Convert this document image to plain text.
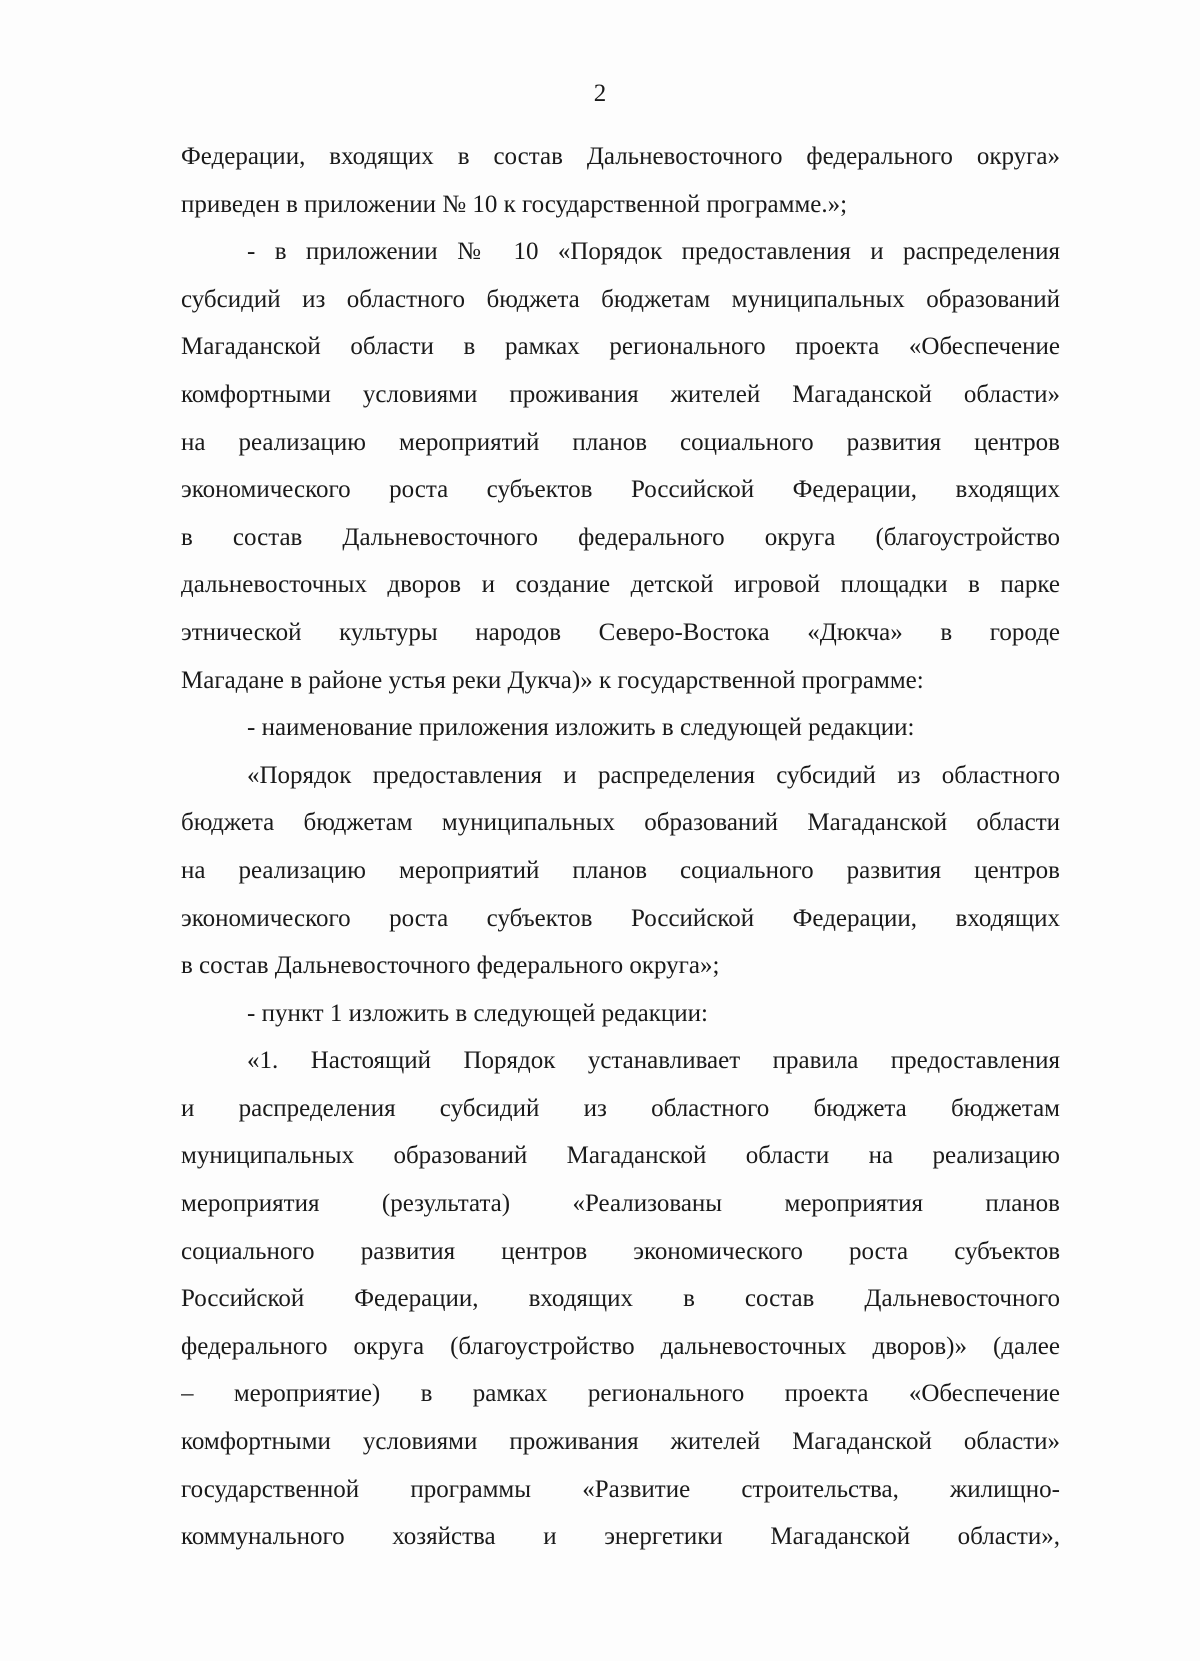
2
Федерации, входящих в состав Дальневосточного федерального округа»
приведен в приложении № 10 к государственной программе.»;
- в приложении № 10 «Порядок предоставления и распределения
субсидий из областного бюджета бюджетам муниципальных образований
Магаданской области в рамках регионального проекта «Обеспечение
комфортными условиями проживания жителей Магаданской области»
на реализацию мероприятий планов социального развития центров
экономического роста субъектов Российской Федерации, входящих
в состав Дальневосточного федерального округа (благоустройство
дальневосточных дворов и создание детской игровой площадки в парке
этнической культуры народов Северо-Востока «Дюкча» в городе
Магадане в районе устья реки Дукча)» к государственной программе:
- наименование приложения изложить в следующей редакции:
«Порядок предоставления и распределения субсидий из областного
бюджета бюджетам муниципальных образований Магаданской области
на реализацию мероприятий планов социального развития центров
экономического роста субъектов Российской Федерации, входящих
в состав Дальневосточного федерального округа»;
- пункт 1 изложить в следующей редакции:
«1. Настоящий Порядок устанавливает правила предоставления
и распределения субсидий из областного бюджета бюджетам
муниципальных образований Магаданской области на реализацию
мероприятия (результата) «Реализованы мероприятия планов
социального развития центров экономического роста субъектов
Российской Федерации, входящих в состав Дальневосточного
федерального округа (благоустройство дальневосточных дворов)» (далее
– мероприятие) в рамках регионального проекта «Обеспечение
комфортными условиями проживания жителей Магаданской области»
государственной программы «Развитие строительства, жилищно-
коммунального хозяйства и энергетики Магаданской области»,
